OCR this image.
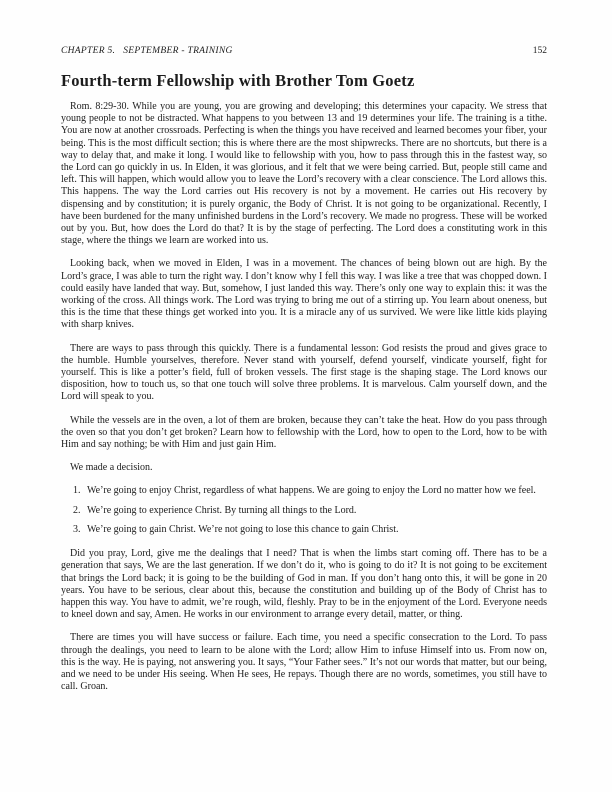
CHAPTER 5.   SEPTEMBER - TRAINING	152
Fourth-term Fellowship with Brother Tom Goetz

Rom. 8:29-30. While you are young, you are growing and developing; this determines your capacity. We stress that young people to not be distracted. What happens to you between 13 and 19 determines your life. The training is a tithe. You are now at another crossroads. Perfecting is when the things you have received and learned becomes your fiber, your being. This is the most difficult section; this is where there are the most shipwrecks. There are no shortcuts, but there is a way to delay that, and make it long. I would like to fellowship with you, how to pass through this in the fastest way, so the Lord can go quickly in us. In Elden, it was glorious, and it felt that we were being carried. But, people still came and left. This will happen, which would allow you to leave the Lord’s recovery with a clear conscience. The Lord allows this. This happens. The way the Lord carries out His recovery is not by a movement. He carries out His recovery by dispensing and by constitution; it is purely organic, the Body of Christ. It is not going to be organizational. Recently, I have been burdened for the many unfinished burdens in the Lord’s recovery. We made no progress. These will be worked out by you. But, how does the Lord do that? It is by the stage of perfecting. The Lord does a constituting work in this stage, where the things we learn are worked into us.

Looking back, when we moved in Elden, I was in a movement. The chances of being blown out are high. By the Lord’s grace, I was able to turn the right way. I don’t know why I fell this way. I was like a tree that was chopped down. I could easily have landed that way. But, somehow, I just landed this way. There’s only one way to explain this: it was the working of the cross. All things work. The Lord was trying to bring me out of a stirring up. You learn about oneness, but this is the time that these things get worked into you. It is a miracle any of us survived. We were like little kids playing with sharp knives.

There are ways to pass through this quickly. There is a fundamental lesson: God resists the proud and gives grace to the humble. Humble yourselves, therefore. Never stand with yourself, defend yourself, vindicate yourself, fight for yourself. This is like a potter’s field, full of broken vessels. The first stage is the shaping stage. The Lord knows our disposition, how to touch us, so that one touch will solve three problems. It is marvelous. Calm yourself down, and the Lord will speak to you.

While the vessels are in the oven, a lot of them are broken, because they can’t take the heat. How do you pass through the oven so that you don’t get broken? Learn how to fellowship with the Lord, how to open to the Lord, how to be with Him and say nothing; be with Him and just gain Him.

We made a decision.

1. We’re going to enjoy Christ, regardless of what happens. We are going to enjoy the Lord no matter how we feel.
2. We’re going to experience Christ. By turning all things to the Lord.
3. We’re going to gain Christ. We’re not going to lose this chance to gain Christ.

Did you pray, Lord, give me the dealings that I need? That is when the limbs start coming off. There has to be a generation that says, We are the last generation. If we don’t do it, who is going to do it? It is not going to be excitement that brings the Lord back; it is going to be the building of God in man. If you don’t hang onto this, it will be gone in 20 years. You have to be serious, clear about this, because the constitution and building up of the Body of Christ has to happen this way. You have to admit, we’re rough, wild, fleshly. Pray to be in the enjoyment of the Lord. Everyone needs to kneel down and say, Amen. He works in our environment to arrange every detail, matter, or thing.

There are times you will have success or failure. Each time, you need a specific consecration to the Lord. To pass through the dealings, you need to learn to be alone with the Lord; allow Him to infuse Himself into us. From now on, this is the way. He is paying, not answering you. It says, “Your Father sees.” It’s not our words that matter, but our being, and we need to be under His seeing. When He sees, He repays. Though there are no words, sometimes, you still have to call. Groan.
